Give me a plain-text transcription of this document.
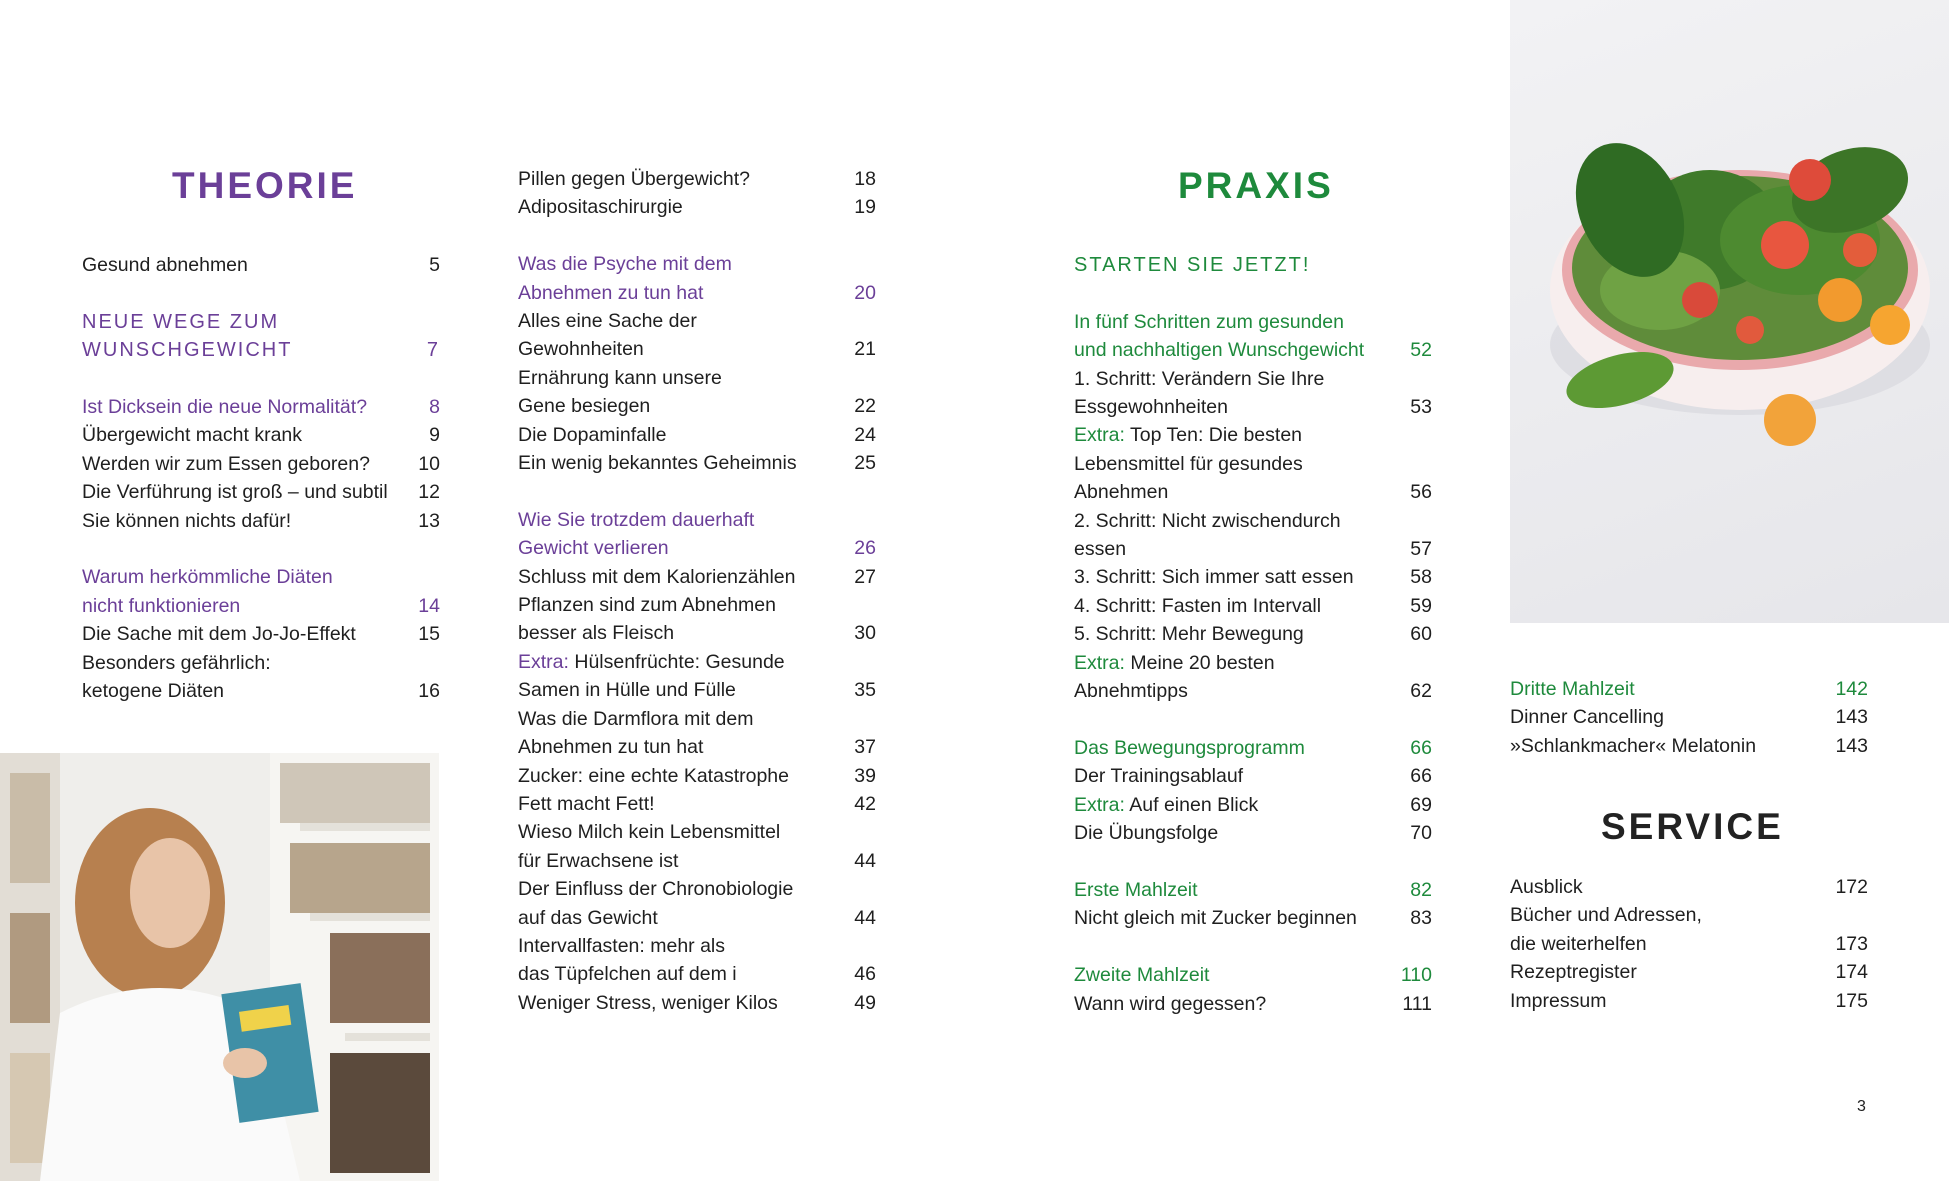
THEORIE	PRAXIS
SERVICE
Gesund abnehmen	5
NEUE WEGE ZUM
WUNSCHGEWICHT	7
Ist Dicksein die neue Normalität?	8
Übergewicht macht krank	9
Werden wir zum Essen geboren?	10
Die Verführung ist groß – und subtil	12
Sie können nichts dafür!	13
Warum herkömmliche Diäten
nicht funktionieren	14
Die Sache mit dem Jo-Jo-Effekt	15
Besonders gefährlich:
ketogene Diäten	16
Pillen gegen Übergewicht?	18
Adipositaschirurgie	19
Was die Psyche mit dem
Abnehmen zu tun hat	20
Alles eine Sache der
Gewohnheiten	21
Ernährung kann unsere
Gene besiegen	22
Die Dopaminfalle	24
Ein wenig bekanntes Geheimnis	25
Wie Sie trotzdem dauerhaft
Gewicht verlieren	26
Schluss mit dem Kalorienzählen	27
Pflanzen sind zum Abnehmen
besser als Fleisch	30
Extra: Hülsenfrüchte: Gesunde
Samen in Hülle und Fülle	35
Was die Darmflora mit dem
Abnehmen zu tun hat	37
Zucker: eine echte Katastrophe	39
Fett macht Fett!	42
Wieso Milch kein Lebensmittel
für Erwachsene ist	44
Der Einfluss der Chronobiologie
auf das Gewicht	44
Intervallfasten: mehr als
das Tüpfelchen auf dem i	46
Weniger Stress, weniger Kilos	49
STARTEN SIE JETZT!
In fünf Schritten zum gesunden
und nachhaltigen Wunschgewicht	52
1. Schritt: Verändern Sie Ihre
Essgewohnheiten	53
Extra: Top Ten: Die besten
Lebensmittel für gesundes
Abnehmen	56
2. Schritt: Nicht zwischendurch
essen	57
3. Schritt: Sich immer satt essen	58
4. Schritt: Fasten im Intervall	59
5. Schritt: Mehr Bewegung	60
Extra: Meine 20 besten
Abnehmtipps	62
Das Bewegungsprogramm	66
Der Trainingsablauf	66
Extra: Auf einen Blick	69
Die Übungsfolge	70
Erste Mahlzeit	82
Nicht gleich mit Zucker beginnen	83
Zweite Mahlzeit	110
Wann wird gegessen?	111
Dritte Mahlzeit	142
Dinner Cancelling	143
»Schlankmacher« Melatonin	143
Ausblick	172
Bücher und Adressen,
die weiterhelfen	173
Rezeptregister	174
Impressum	175
3
